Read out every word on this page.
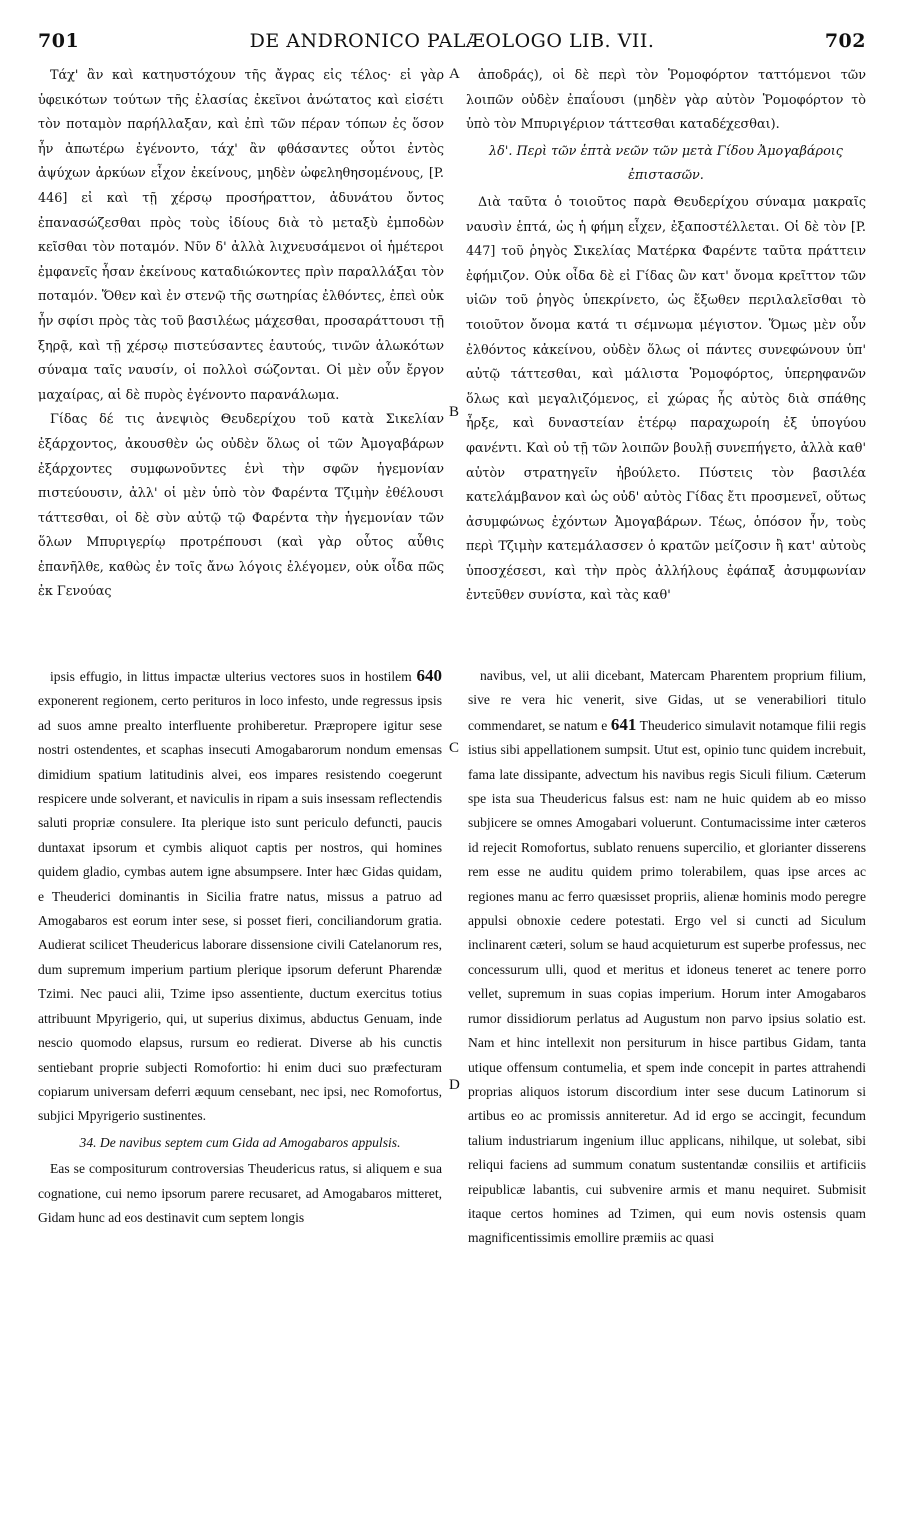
701	DE ANDRONICO PALÆOLOGO LIB. VII.	702

Τάχ' ἂν καὶ κατηυστόχουν τῆς ἄγρας εἰς τέλος· εἰ γὰρ ὑφεικότων τούτων τῆς ἐλασίας ἐκεῖνοι ἀνώτατος καὶ εἰσέτι τὸν ποταμὸν παρήλλαξαν, καὶ ἐπὶ τῶν πέραν τόπων ἐς ὅσον ἦν ἀπωτέρω ἐγένοντο, τάχ' ἂν φθάσαντες οὗτοι ἐντὸς ἀψύχων ἀρκύων εἶχον ἐκείνους, μηδὲν ὠφεληθησομένους, [P. 446] εἰ καὶ τῇ χέρσῳ προσήραττον, ἀδυνάτου ὄντος ἐπανασώζεσθαι πρὸς τοὺς ἰδίους διὰ τὸ μεταξὺ ἐμποδὼν κεῖσθαι τὸν ποταμόν. Νῦν δ' ἀλλὰ λιχνευσάμενοι οἱ ἡμέτεροι ἐμφανεῖς ἦσαν ἐκείνους καταδιώκοντες πρὶν παραλλάξαι τὸν ποταμόν. Ὅθεν καὶ ἐν στενῷ τῆς σωτηρίας ἐλθόντες, ἐπεὶ οὐκ ἦν σφίσι πρὸς τὰς τοῦ βασιλέως μάχεσθαι, προσαράττουσι τῇ ξηρᾷ, καὶ τῇ χέρσῳ πιστεύσαντες ἑαυτούς, τινῶν ἁλωκότων σύναμα ταῖς ναυσίν, οἱ πολλοὶ σώζονται. Οἱ μὲν οὖν ἔργον μαχαίρας, αἱ δὲ πυρὸς ἐγένοντο παρανάλωμα.

Γίδας δέ τις ἀνεψιὸς Θευδερίχου τοῦ κατὰ Σικελίαν ἐξάρχοντος, ἀκουσθὲν ὡς οὐδὲν ὅλως οἱ τῶν Ἀμογαβάρων ἐξάρχοντες συμφωνοῦντες ἑνὶ τὴν σφῶν ἡγεμονίαν πιστεύουσιν, ἀλλ' οἱ μὲν ὑπὸ τὸν Φαρέντα Τζιμὴν ἐθέλουσι τάττεσθαι, οἱ δὲ σὺν αὐτῷ τῷ Φαρέντα τὴν ἡγεμονίαν τῶν ὅλων Μπυριγερίῳ προτρέπουσι (καὶ γὰρ οὗτος αὖθις ἐπανῆλθε, καθὼς ἐν τοῖς ἄνω λόγοις ἐλέγομεν, οὐκ οἶδα πῶς ἐκ Γενούας

ἀποδράς), οἱ δὲ περὶ τὸν Ῥομοφόρτον ταττόμενοι τῶν λοιπῶν οὐδὲν ἐπαΐουσι (μηδὲν γὰρ αὐτὸν Ῥομοφόρτον τὸ ὑπὸ τὸν Μπυριγέριον τάττεσθαι καταδέχεσθαι).

λδ'. Περὶ τῶν ἑπτὰ νεῶν τῶν μετὰ Γίδου Ἀμογαβάροις ἐπιστασῶν.

Διὰ ταῦτα ὁ τοιοῦτος παρὰ Θευδερίχου σύναμα μακραῖς ναυσὶν ἑπτά, ὡς ἡ φήμη εἶχεν, ἐξαποστέλλεται. Οἱ δὲ τὸν [P. 447] τοῦ ῥηγὸς Σικελίας Ματέρκα Φαρέντε ταῦτα πράττειν ἐφήμιζον. Οὐκ οἶδα δὲ εἰ Γίδας ὢν κατ' ὄνομα κρεῖττον τῶν υἱῶν τοῦ ῥηγὸς ὑπεκρίνετο, ὡς ἔξωθεν περιλαλεῖσθαι τὸ τοιοῦτον ὄνομα κατά τι σέμνωμα μέγιστον. Ὅμως μὲν οὖν ἐλθόντος κἀκείνου, οὐδὲν ὅλως οἱ πάντες συνεφώνουν ὑπ' αὐτῷ τάττεσθαι, καὶ μάλιστα Ῥομοφόρτος, ὑπερηφανῶν ὅλως καὶ μεγαλιζόμενος, εἰ χώρας ἧς αὐτὸς διὰ σπάθης ἦρξε, καὶ δυναστείαν ἑτέρῳ παραχωροίη ἐξ ὑπογύου φανέντι. Καὶ οὐ τῇ τῶν λοιπῶν βουλῇ συνεπήγετο, ἀλλὰ καθ' αὑτὸν στρατηγεῖν ἠβούλετο. Πύστεις τὸν βασιλέα κατελάμβανον καὶ ὡς οὐδ' αὐτὸς Γίδας ἔτι προσμενεῖ, οὕτως ἀσυμφώνως ἐχόντων Ἀμογαβάρων. Τέως, ὁπόσον ἦν, τοὺς περὶ Τζιμὴν κατεμάλασσεν ὁ κρατῶν μείζοσιν ἢ κατ' αὐτοὺς ὑποσχέσεσι, καὶ τὴν πρὸς ἀλλήλους ἐφάπαξ ἀσυμφωνίαν ἐντεῦθεν συνίστα, καὶ τὰς καθ'

ipsis effugio, in littus impactæ ulterius vectores suos in hostilem 640 exponerent regionem, certo perituros in loco infesto, unde regressus ipsis ad suos amne prealto interfluente prohiberetur. Præpropere igitur sese nostri ostendentes, et scaphas insecuti Amogabarorum nondum emensas dimidium spatium latitudinis alvei, eos impares resistendo coegerunt respicere unde solverant, et naviculis in ripam a suis insessam reflectendis saluti propriæ consulere. Ita plerique isto sunt periculo defuncti, paucis duntaxat ipsorum et cymbis aliquot captis per nostros, qui homines quidem gladio, cymbas autem igne absumpsere. Inter hæc Gidas quidam, e Theuderici dominantis in Sicilia fratre natus, missus a patruo ad Amogabaros est eorum inter sese, si posset fieri, conciliandorum gratia. Audierat scilicet Theudericus laborare dissensione civili Catelanorum res, dum supremum imperium partium plerique ipsorum deferunt Pharendæ Tzimi. Nec pauci alii, Tzime ipso assentiente, ductum exercitus totius attribuunt Mpyrigerio, qui, ut superius diximus, abductus Genuam, inde nescio quomodo elapsus, rursum eo redierat. Diverse ab his cunctis sentiebant proprie subjecti Romofortio: hi enim duci suo præfecturam copiarum universam deferri æquum censebant, nec ipsi, nec Romofortus, subjici Mpyrigerio sustinentes.

34. De navibus septem cum Gida ad Amogabaros appulsis.

Eas se compositurum controversias Theudericus ratus, si aliquem e sua cognatione, cui nemo ipsorum parere recusaret, ad Amogabaros mitteret, Gidam hunc ad eos destinavit cum septem longis

navibus, vel, ut alii dicebant, Matercam Pharentem proprium filium, sive re vera hic venerit, sive Gidas, ut se venerabiliori titulo commendaret, se natum e 641 Theuderico simulavit notamque filii regis istius sibi appellationem sumpsit. Utut est, opinio tunc quidem increbuit, fama late dissipante, advectum his navibus regis Siculi filium. Cæterum spe ista sua Theudericus falsus est: nam ne huic quidem ab eo misso subjicere se omnes Amogabari voluerunt. Contumacissime inter cæteros id rejecit Romofortus, sublato renuens supercilio, et glorianter disserens rem esse ne auditu quidem primo tolerabilem, quas ipse arces ac regiones manu ac ferro quæsisset propriis, alienæ hominis modo peregre appulsi obnoxie cedere potestati. Ergo vel si cuncti ad Siculum inclinarent cæteri, solum se haud acquieturum est superbe professus, nec concessurum ulli, quod et meritus et idoneus teneret ac tenere porro vellet, supremum in suas copias imperium. Horum inter Amogabaros rumor dissidiorum perlatus ad Augustum non parvo ipsius solatio est. Nam et hinc intellexit non persiturum in hisce partibus Gidam, tanta utique offensum contumelia, et spem inde concepit in partes attrahendi proprias aliquos istorum discordium inter sese ducum Latinorum si artibus eo ac promissis anniteretur. Ad id ergo se accingit, fecundum talium industriarum ingenium illuc applicans, nihilque, ut solebat, sibi reliqui faciens ad summum conatum sustentandæ consiliis et artificiis reipublicæ labantis, cui subvenire armis et manu nequiret. Submisit itaque certos homines ad Tzimen, qui eum novis ostensis quam magnificentissimis emollire præmiis ac quasi

A
B
C
D
